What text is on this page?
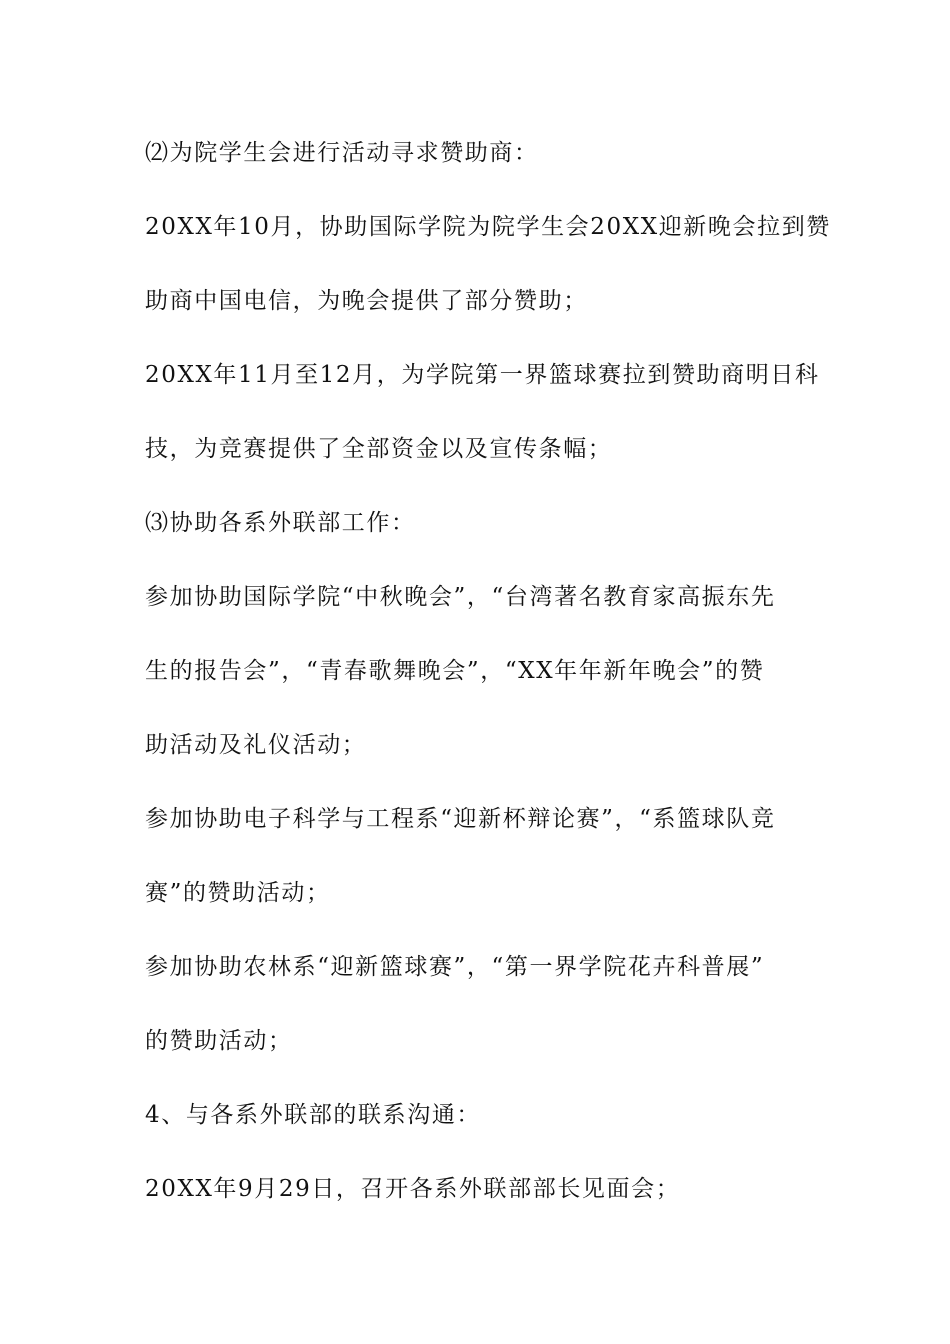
⑵为院学生会进行活动寻求赞助商：
20XX年10月，协助国际学院为院学生会20XX迎新晚会拉到赞
助商中国电信，为晚会提供了部分赞助；
20XX年11月至12月，为学院第一界篮球赛拉到赞助商明日科
技，为竞赛提供了全部资金以及宣传条幅；
⑶协助各系外联部工作：
参加协助国际学院“中秋晚会”，“台湾著名教育家高振东先
生的报告会”，“青春歌舞晚会”，“XX年年新年晚会”的赞
助活动及礼仪活动；
参加协助电子科学与工程系“迎新杯辩论赛”，“系篮球队竞
赛”的赞助活动；
参加协助农林系“迎新篮球赛”，“第一界学院花卉科普展”
的赞助活动；
4、与各系外联部的联系沟通：
20XX年9月29日，召开各系外联部部长见面会；
